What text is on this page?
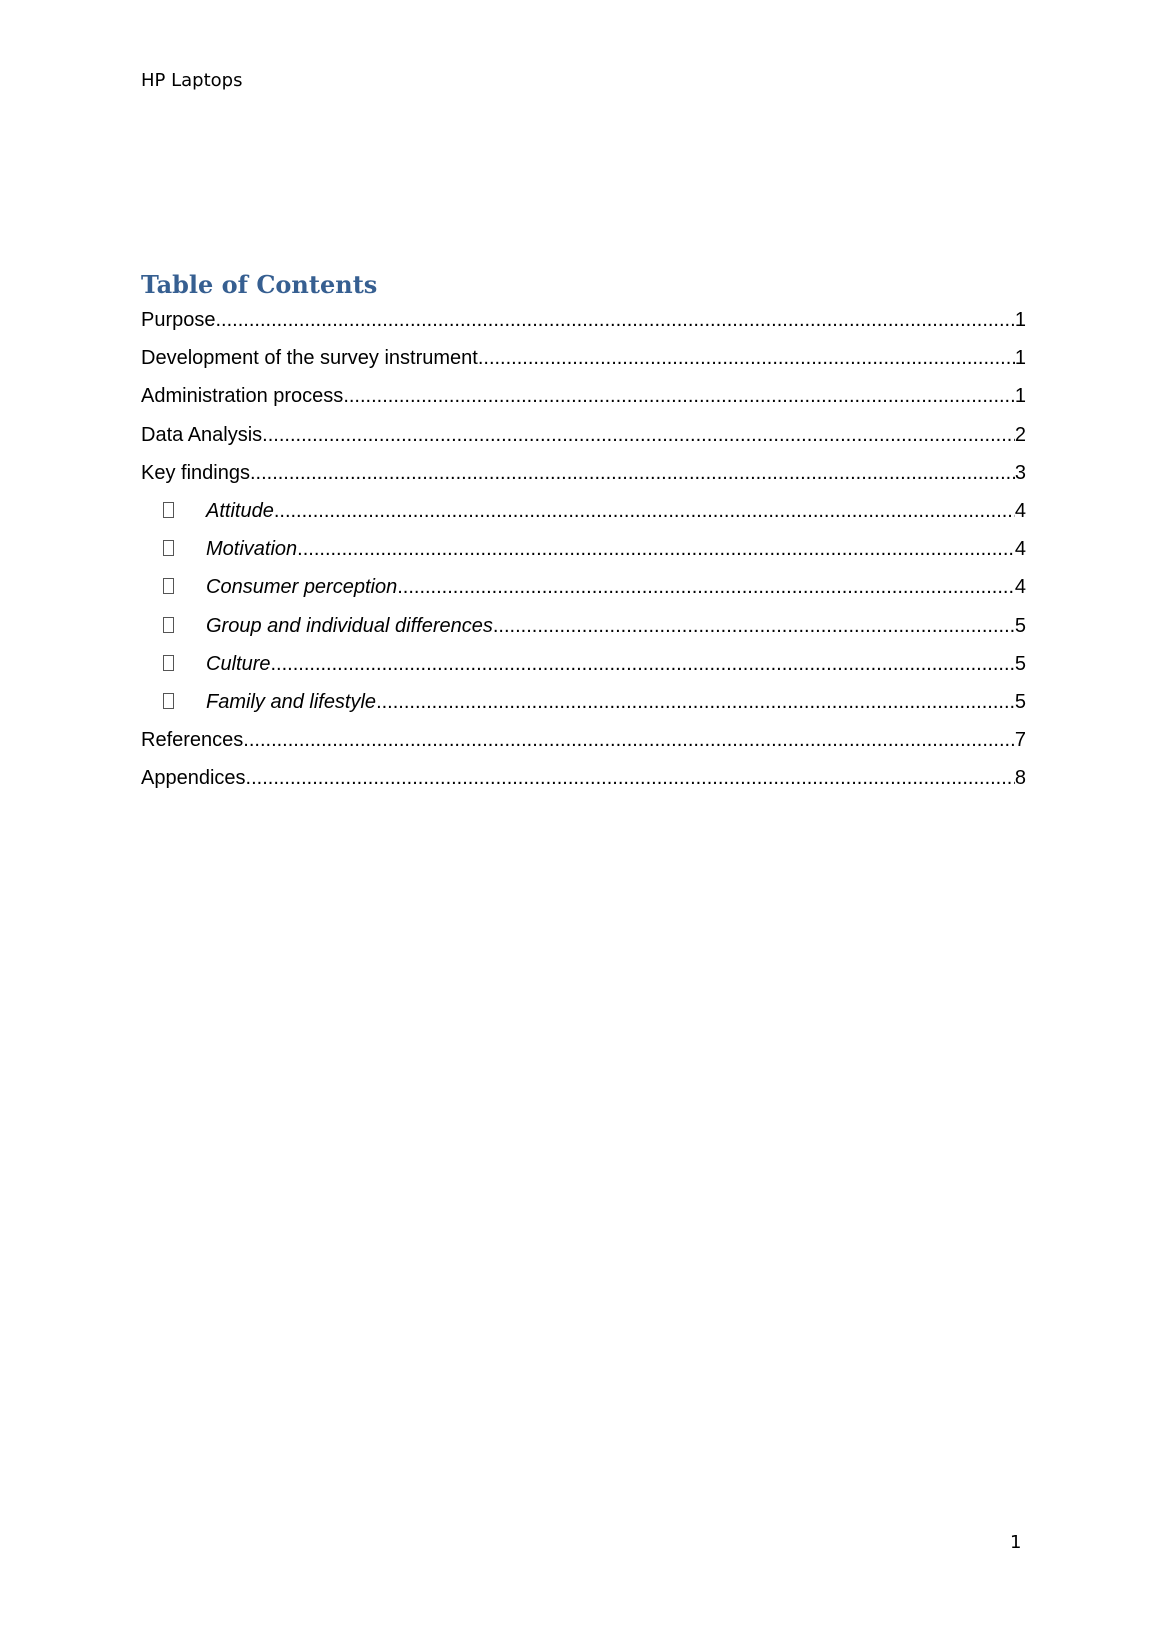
HP Laptops
Table of Contents
Purpose .....	1
Development of the survey instrument .....	1
Administration process .....	1
Data Analysis .....	2
Key findings .....	3
Attitude .....	4
Motivation .....	4
Consumer perception .....	4
Group and individual differences .....	5
Culture .....	5
Family and lifestyle .....	5
References .....	7
Appendices .....	8
1
